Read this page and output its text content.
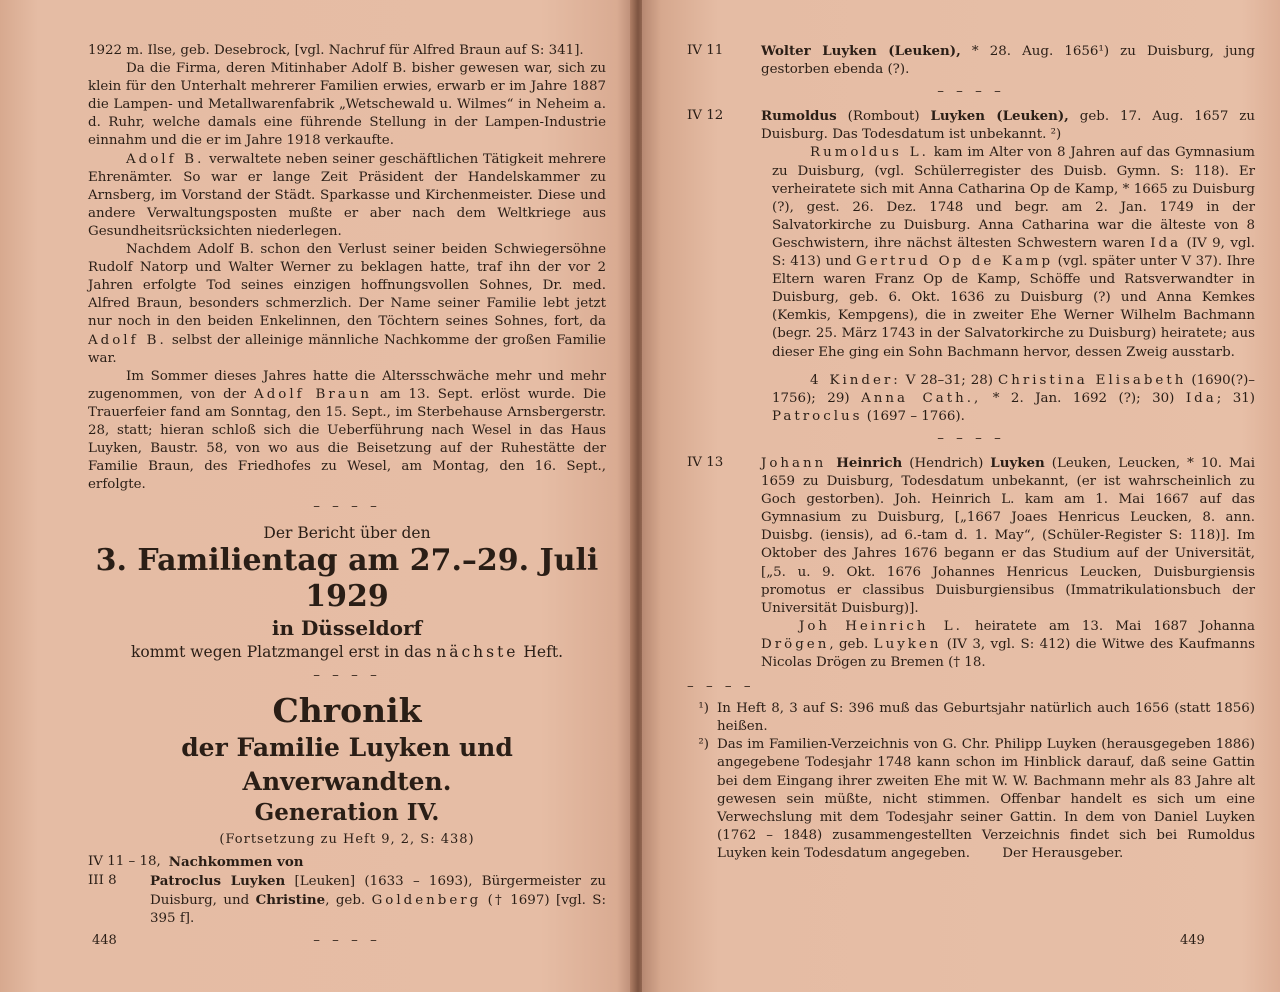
1922 m. Ilse, geb. Desebrock, [vgl. Nachruf für Alfred Braun auf S: 341].

Da die Firma, deren Mitinhaber Adolf B. bisher gewesen war, sich zu klein für den Unterhalt mehrerer Familien erwies, erwarb er im Jahre 1887 die Lampen- und Metallwarenfabrik „Wetschewald u. Wilmes“ in Neheim a. d. Ruhr, welche damals eine führende Stellung in der Lampen-Industrie einnahm und die er im Jahre 1918 verkaufte.

Adolf B. verwaltete neben seiner geschäftlichen Tätigkeit mehrere Ehrenämter. So war er lange Zeit Präsident der Handelskammer zu Arnsberg, im Vorstand der Städt. Sparkasse und Kirchenmeister. Diese und andere Verwaltungsposten mußte er aber nach dem Weltkriege aus Gesundheitsrücksichten niederlegen.

Nachdem Adolf B. schon den Verlust seiner beiden Schwiegersöhne Rudolf Natorp und Walter Werner zu beklagen hatte, traf ihn der vor 2 Jahren erfolgte Tod seines einzigen hoffnungsvollen Sohnes, Dr. med. Alfred Braun, besonders schmerzlich. Der Name seiner Familie lebt jetzt nur noch in den beiden Enkelinnen, den Töchtern seines Sohnes, fort, da Adolf B. selbst der alleinige männliche Nachkomme der großen Familie war.

Im Sommer dieses Jahres hatte die Altersschwäche mehr und mehr zugenommen, von der Adolf Braun am 13. Sept. erlöst wurde. Die Trauerfeier fand am Sonntag, den 15. Sept., im Sterbehause Arnsbergerstr. 28, statt; hieran schloß sich die Ueberführung nach Wesel in das Haus Luyken, Baustr. 58, von wo aus die Beisetzung auf der Ruhestätte der Familie Braun, des Friedhofes zu Wesel, am Montag, den 16. Sept., erfolgte.

– – – –
Der Bericht über den
3. Familientag am 27.–29. Juli 1929
in Düsseldorf
kommt wegen Platzmangel erst in das nächste Heft.
– – – –
Chronik
der Familie Luyken und Anverwandten.
Generation IV.
(Fortsetzung zu Heft 9, 2, S: 438)
IV 11 – 18, Nachkommen von
III 8	Patroclus Luyken [Leuken] (1633 – 1693), Bürgermeister zu Duisburg, und Christine, geb. Goldenberg († 1697) [vgl. S: 395 f].

– – – –
448
IV 11	Wolter Luyken (Leuken), * 28. Aug. 1656¹) zu Duisburg, jung gestorben ebenda (?).

– – – –
IV 12	Rumoldus (Rombout) Luyken (Leuken), geb. 17. Aug. 1657 zu Duisburg. Das Todesdatum ist unbekannt. ²)

Rumoldus L. kam im Alter von 8 Jahren auf das Gymnasium zu Duisburg, (vgl. Schülerregister des Duisb. Gymn. S: 118). Er verheiratete sich mit Anna Catharina Op de Kamp, * 1665 zu Duisburg (?), gest. 26. Dez. 1748 und begr. am 2. Jan. 1749 in der Salvatorkirche zu Duisburg. Anna Catharina war die älteste von 8 Geschwistern, ihre nächst ältesten Schwestern waren Ida (IV 9, vgl. S: 413) und Gertrud Op de Kamp (vgl. später unter V 37). Ihre Eltern waren Franz Op de Kamp, Schöffe und Ratsverwandter in Duisburg, geb. 6. Okt. 1636 zu Duisburg (?) und Anna Kemkes (Kemkis, Kempgens), die in zweiter Ehe Werner Wilhelm Bachmann (begr. 25. März 1743 in der Salvatorkirche zu Duisburg) heiratete; aus dieser Ehe ging ein Sohn Bachmann hervor, dessen Zweig ausstarb.

4 Kinder: V 28–31; 28) Christina Elisabeth (1690(?)–1756); 29) Anna Cath., * 2. Jan. 1692 (?); 30) Ida; 31) Patroclus (1697 – 1766).

– – – –
IV 13	Johann Heinrich (Hendrich) Luyken (Leuken, Leucken, * 10. Mai 1659 zu Duisburg, Todesdatum unbekannt, (er ist wahrscheinlich zu Goch gestorben). Joh. Heinrich L. kam am 1. Mai 1667 auf das Gymnasium zu Duisburg, [„1667 Joaes Henricus Leucken, 8. ann. Duisbg. (iensis), ad 6.-tam d. 1. May“, (Schüler-Register S: 118)]. Im Oktober des Jahres 1676 begann er das Studium auf der Universität, [„5. u. 9. Okt. 1676 Johannes Henricus Leucken, Duisburgiensis promotus er classibus Duisburgiensibus (Immatrikulationsbuch der Universität Duisburg)].

Joh Heinrich L. heiratete am 13. Mai 1687 Johanna Drögen, geb. Luyken (IV 3, vgl. S: 412) die Witwe des Kaufmanns Nicolas Drögen zu Bremen († 18.

– – – –
¹) In Heft 8, 3 auf S: 396 muß das Geburtsjahr natürlich auch 1656 (statt 1856) heißen.

²) Das im Familien-Verzeichnis von G. Chr. Philipp Luyken (herausgegeben 1886) angegebene Todesjahr 1748 kann schon im Hinblick darauf, daß seine Gattin bei dem Eingang ihrer zweiten Ehe mit W. W. Bachmann mehr als 83 Jahre alt gewesen sein müßte, nicht stimmen. Offenbar handelt es sich um eine Verwechslung mit dem Todesjahr seiner Gattin. In dem von Daniel Luyken (1762 – 1848) zusammengestellten Verzeichnis findet sich bei Rumoldus Luyken kein Todesdatum angegeben. Der Herausgeber.

449
